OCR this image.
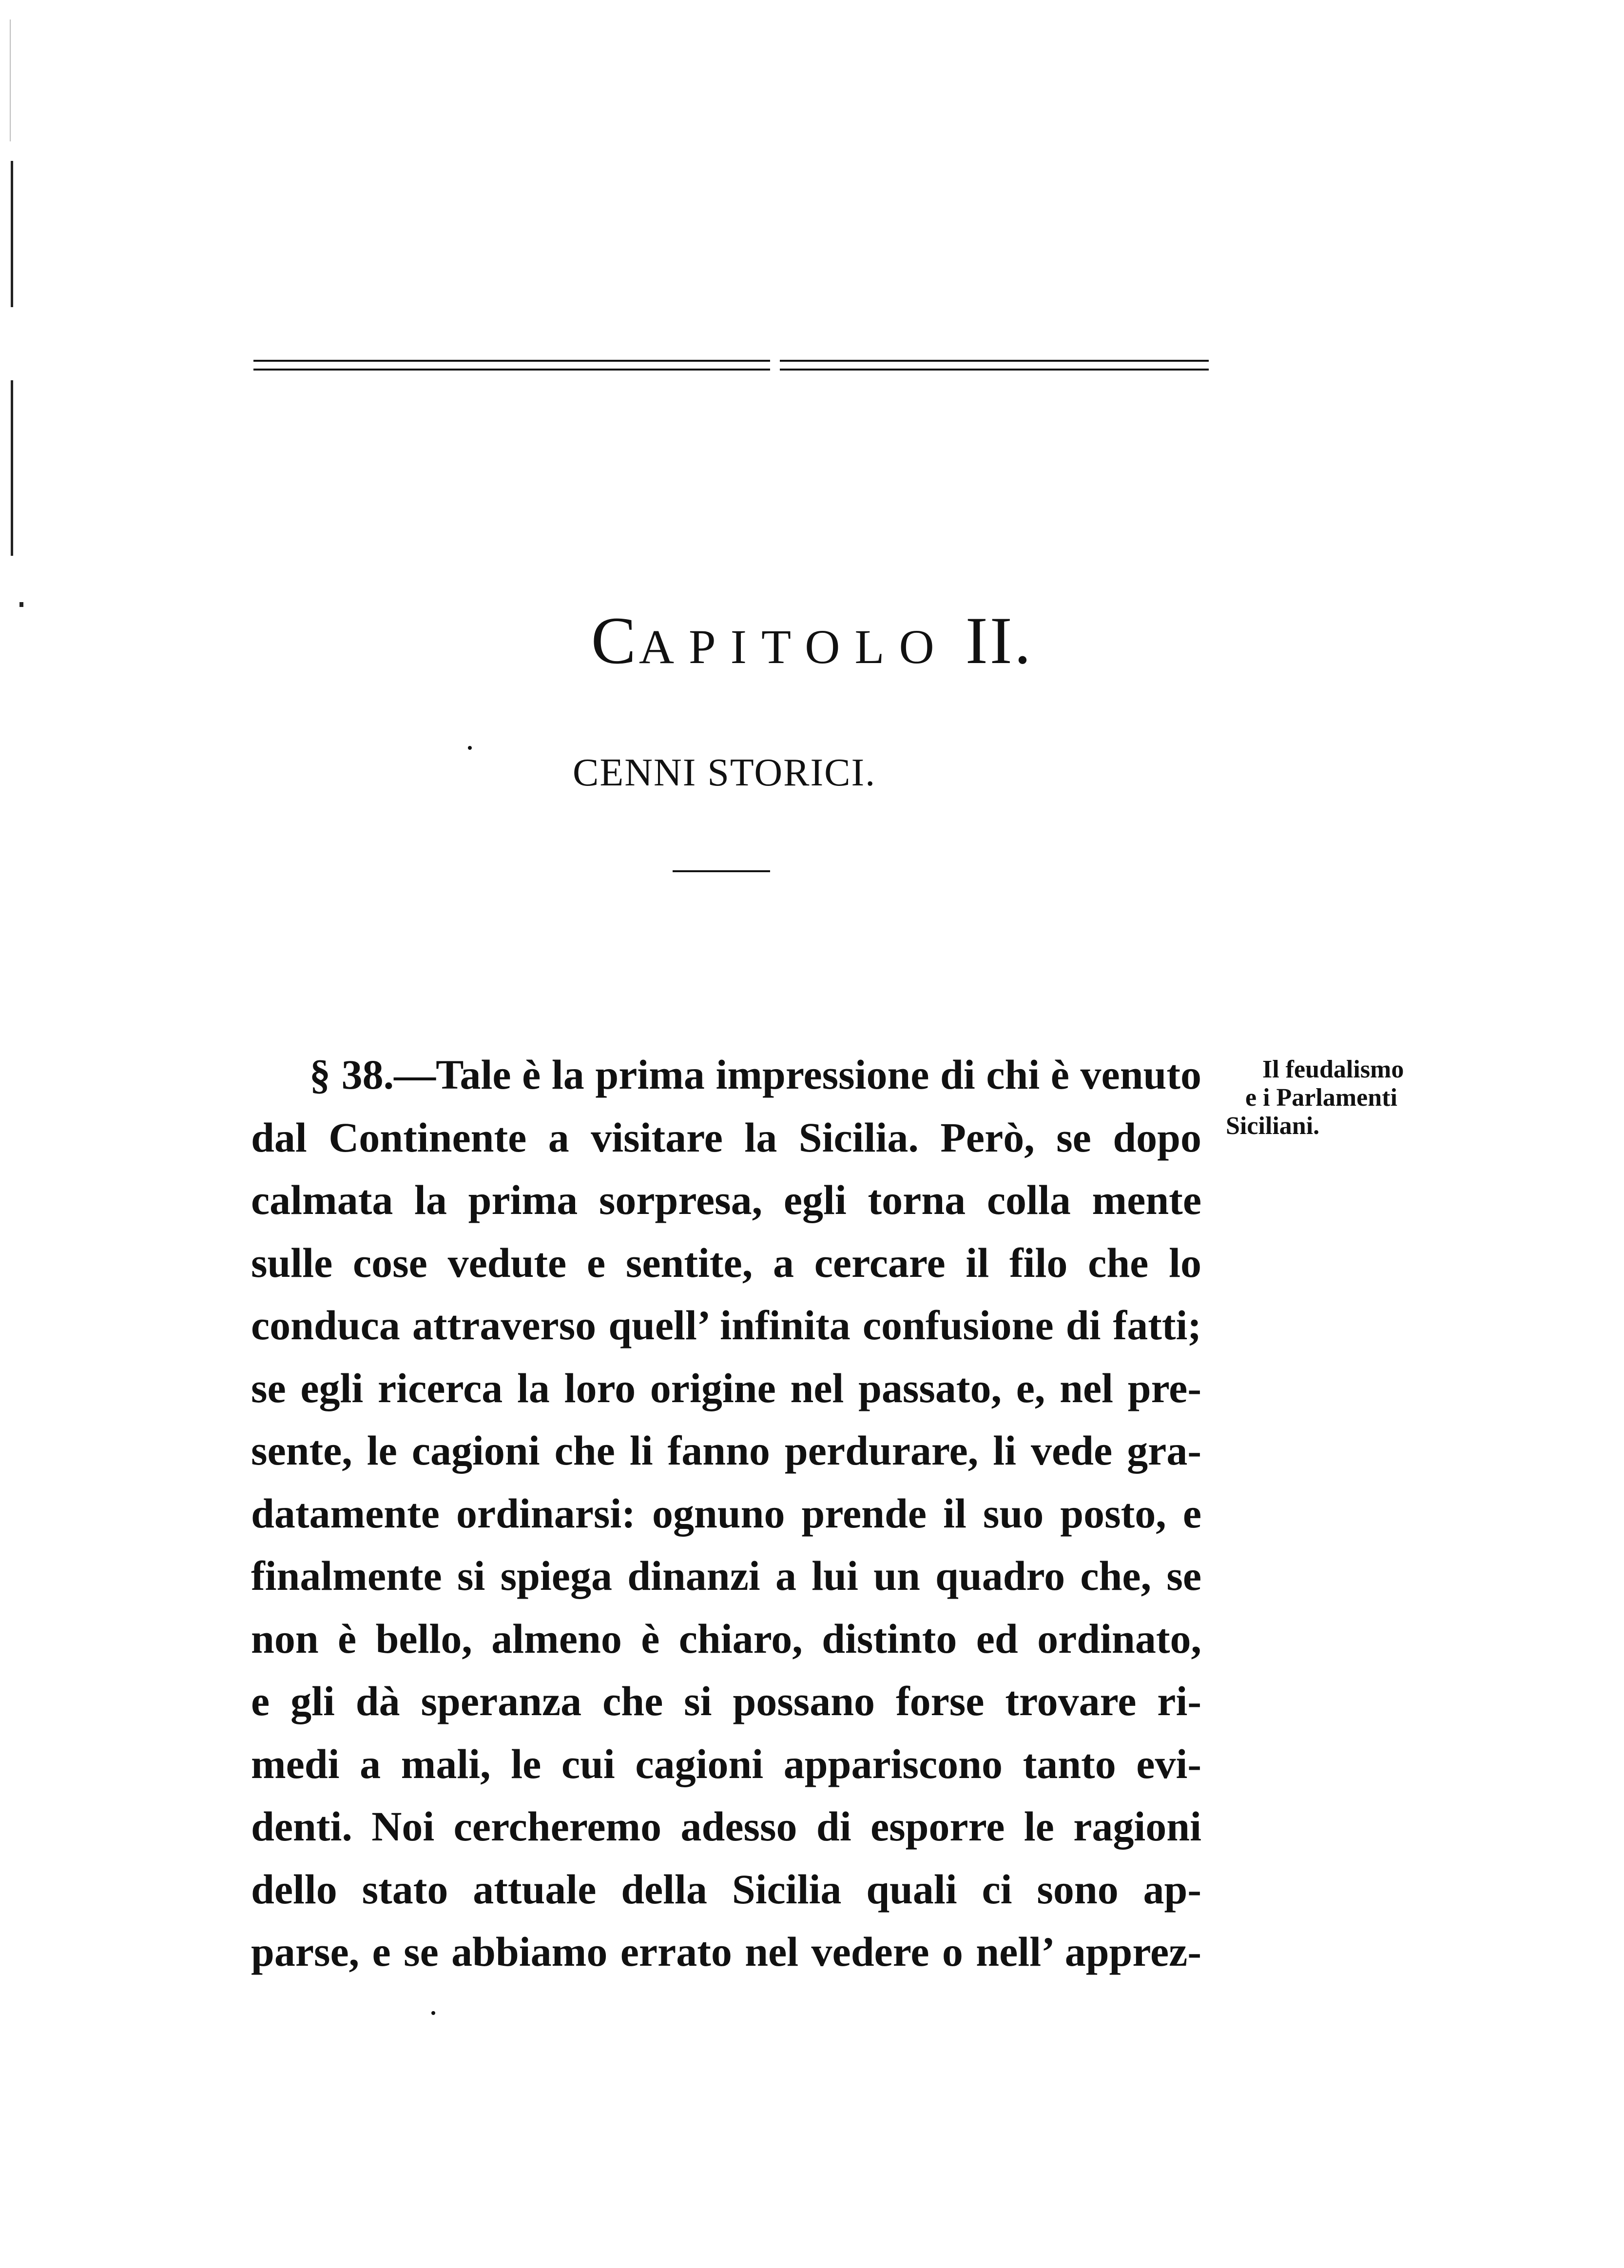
CAPITOLO II.
CENNI STORICI.
Il feudalismo
e i Parlamenti
Siciliani.
§ 38.—Tale è la prima impressione di chi è venuto
dal Continente a visitare la Sicilia. Però, se dopo
calmata la prima sorpresa, egli torna colla mente
sulle cose vedute e sentite, a cercare il filo che lo
conduca attraverso quell’ infinita confusione di fatti;
se egli ricerca la loro origine nel passato, e, nel pre-
sente, le cagioni che li fanno perdurare, li vede gra-
datamente ordinarsi: ognuno prende il suo posto, e
finalmente si spiega dinanzi a lui un quadro che, se
non è bello, almeno è chiaro, distinto ed ordinato,
e gli dà speranza che si possano forse trovare ri-
medi a mali, le cui cagioni appariscono tanto evi-
denti. Noi cercheremo adesso di esporre le ragioni
dello stato attuale della Sicilia quali ci sono ap-
parse, e se abbiamo errato nel vedere o nell’ apprez-
